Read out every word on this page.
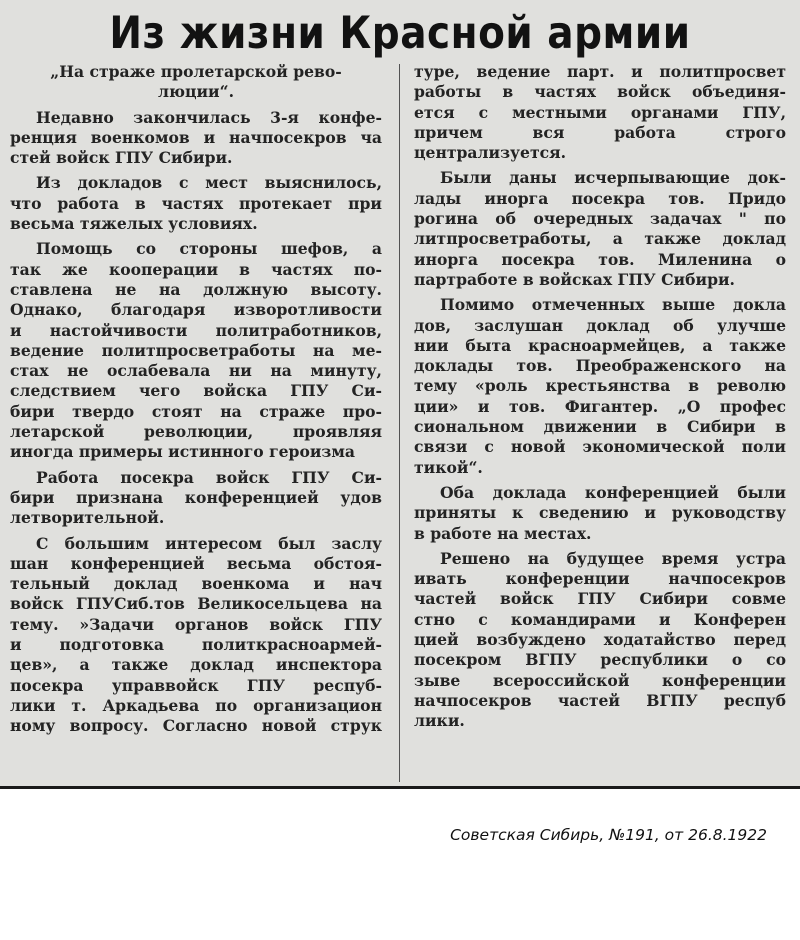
Из жизни Красной армии
„На страже пролетарской рево-
люции“.
Недавно закончилась 3-я конфе-
ренция военкомов и начпосекров ча
стей войск ГПУ Сибири.
Из докладов с мест выяснилось,
что работа в частях протекает при
весьма тяжелых условиях.
Помощь со стороны шефов, а
так же кооперации в частях по-
ставлена не на должную высоту.
Однако, благодаря изворотливости
и настойчивости политработников,
ведение политпросветработы на ме-
стах не ослабевала ни на минуту,
следствием чего войска ГПУ Си-
бири твердо стоят на страже про-
летарской революции, проявляя
иногда примеры истинного героизма
Работа посекра войск ГПУ Си-
бири признана конференцией удов
летворительной.
С большим интересом был заслу
шан конференцией весьма обстоя-
тельный доклад военкома и нач
войск ГПУСиб.тов Великосельцева на
тему. »Задачи органов войск ГПУ
и подготовка политкрасноармей-
цев», а также доклад инспектора
посекра управвойск ГПУ респуб-
лики т. Аркадьева по организацион
ному вопросу. Согласно новой струк
туре, ведение парт. и политпросвет
работы в частях войск объединя-
ется с местными органами ГПУ,
причем вся работа строго
централизуется.
Были даны исчерпывающие док-
лады инорга посекра тов. Придо
рогина об очередных задачах " по
литпросветработы, а также доклад
инорга посекра тов. Миленина о
партработе в войсках ГПУ Сибири.
Помимо отмеченных выше докла
дов, заслушан доклад об улучше
нии быта красноармейцев, а также
доклады тов. Преображенского на
тему «роль крестьянства в револю
ции» и тов. Фигантер. „О профес
сиональном движении в Сибири в
связи с новой экономической поли
тикой“.
Оба доклада конференцией были
приняты к сведению и руководству
в работе на местах.
Решено на будущее время устра
ивать конференции начпосекров
частей войск ГПУ Сибири совме
стно с командирами и Конферен
цией возбуждено ходатайство перед
посекром ВГПУ республики о со
зыве всероссийской конференции
начпосекров частей ВГПУ респуб
лики.
Советская Сибирь, №191, от 26.8.1922
